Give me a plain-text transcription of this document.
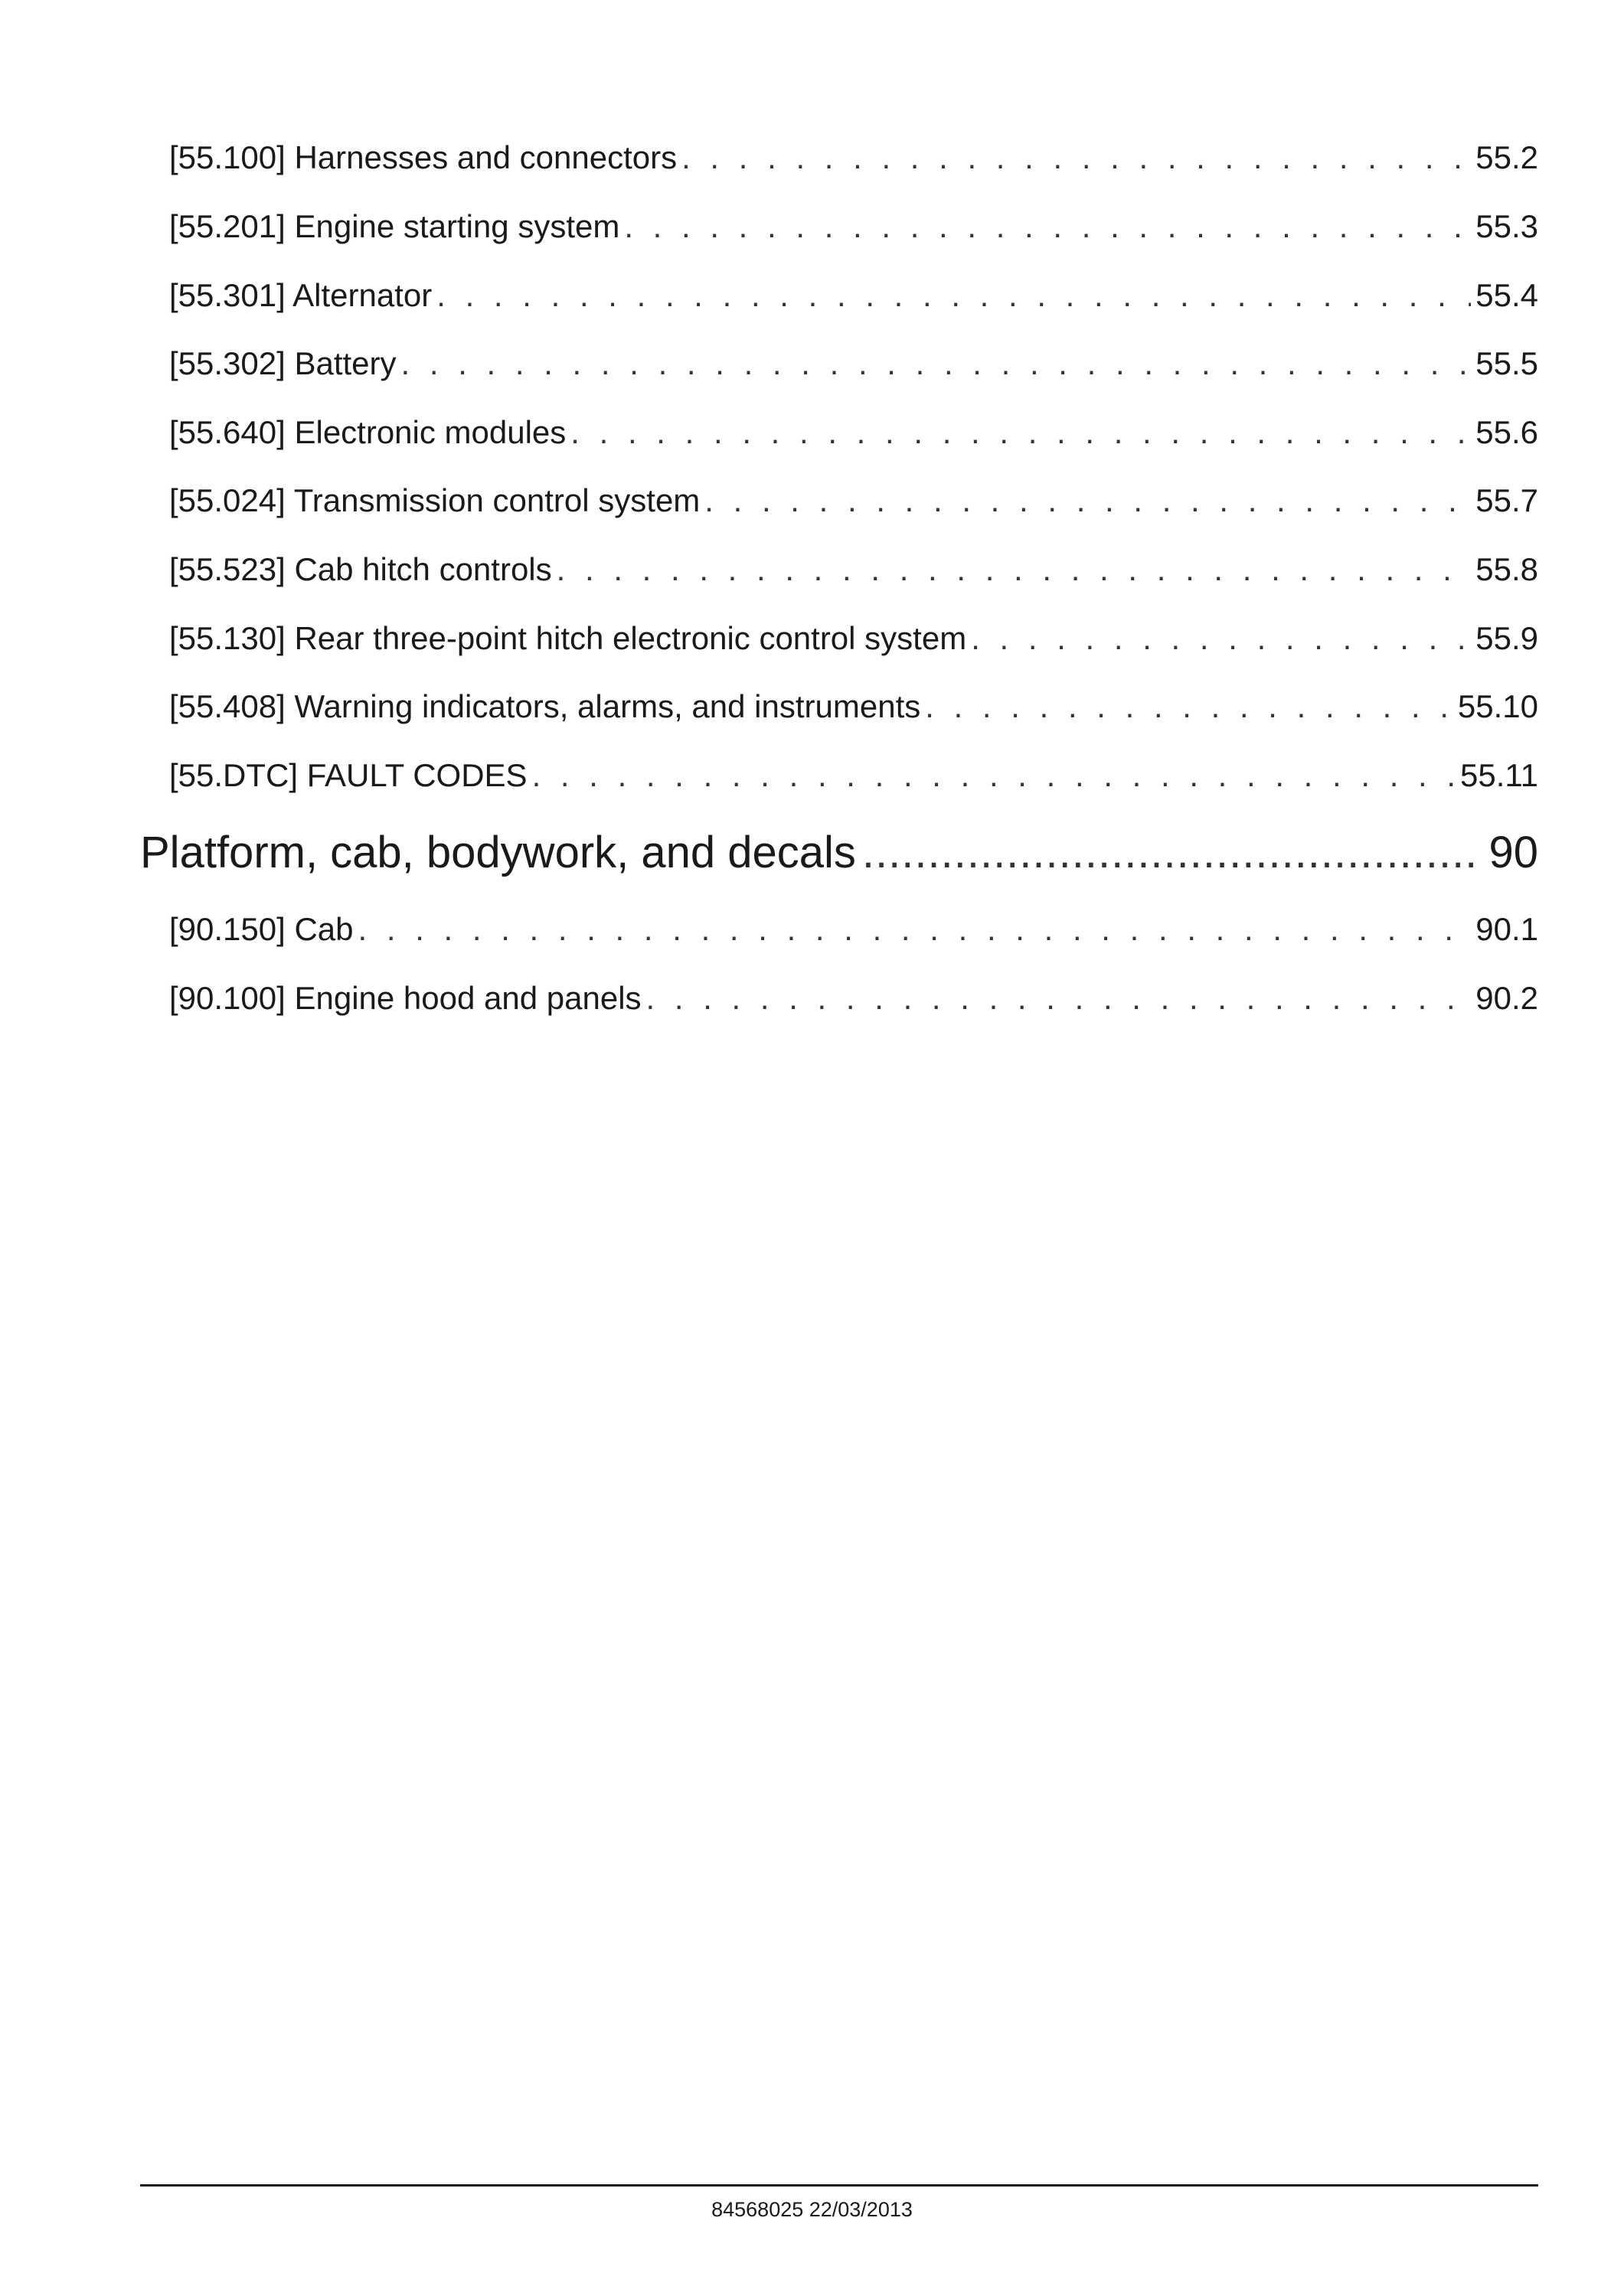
[55.100] Harnesses and connectors . . .	55.2
[55.201] Engine starting system . . .	55.3
[55.301] Alternator . . .	55.4
[55.302] Battery . . .	55.5
[55.640] Electronic modules . . .	55.6
[55.024] Transmission control system . . .	55.7
[55.523] Cab hitch controls . . .	55.8
[55.130] Rear three-point hitch electronic control system . . .	55.9
[55.408] Warning indicators, alarms, and instruments . . .	55.10
[55.DTC] FAULT CODES . . .	55.11
Platform, cab, bodywork, and decals .....	90
[90.150] Cab . . .	90.1
[90.100] Engine hood and panels . . .	90.2
84568025 22/03/2013
